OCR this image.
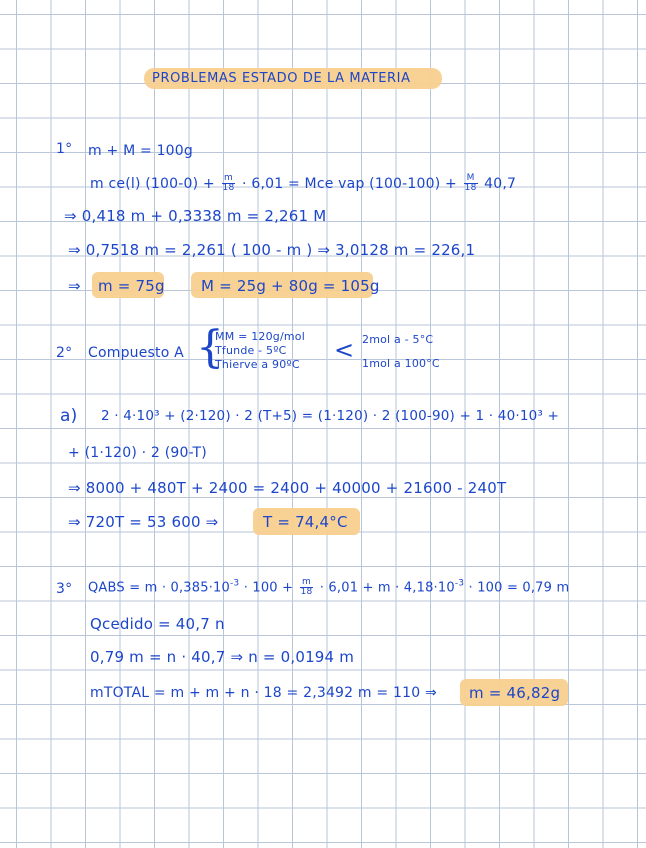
PROBLEMAS ESTADO DE LA MATERIA
1° m + M = 100g
m ce(l) $(100-0) + \frac{m}{18} \cdot 6,01$ = Mce vap $(100-100) + \frac{M}{18} 40,7$
⇒ 0,418 m + 0,3338 m = 2,261 M
⇒ 0,7518 m = 2,261 ( 100 - m ) ⇒ 3,0128 m = 226,1
⇒ m = 75g M = 25g + 80g = 105g
2° Compuesto A {
MM = 120g/mol
Tfunde - 5ºC
Thierve a 90ºC
< 2mol a - 5°C
1mol a 100°C
a) 2 · 4·10³ + (2·120) · 2 (T+5) = (1·120) · 2 (100-90) + 1 · 40·10³ +
+ (1·120) · 2 (90-T)
⇒ 8000 + 480T + 2400 = 2400 + 40000 + 21600 - 240T
⇒ 720T = 53 600 ⇒	T = 74,4°C
3° QABS = $m \cdot 0,385\cdot 10^{-3} \cdot 100 + \frac{m}{18} \cdot 6,01 + m \cdot 4,18\cdot 10^{-3} \cdot 100 = 0,79$ m
Qcedido = 40,7 n
0,79 m = n · 40,7 ⇒ n = 0,0194 m
mTOTAL = m + m + n · 18 = 2,3492 m = 110 ⇒ m = 46,82g
